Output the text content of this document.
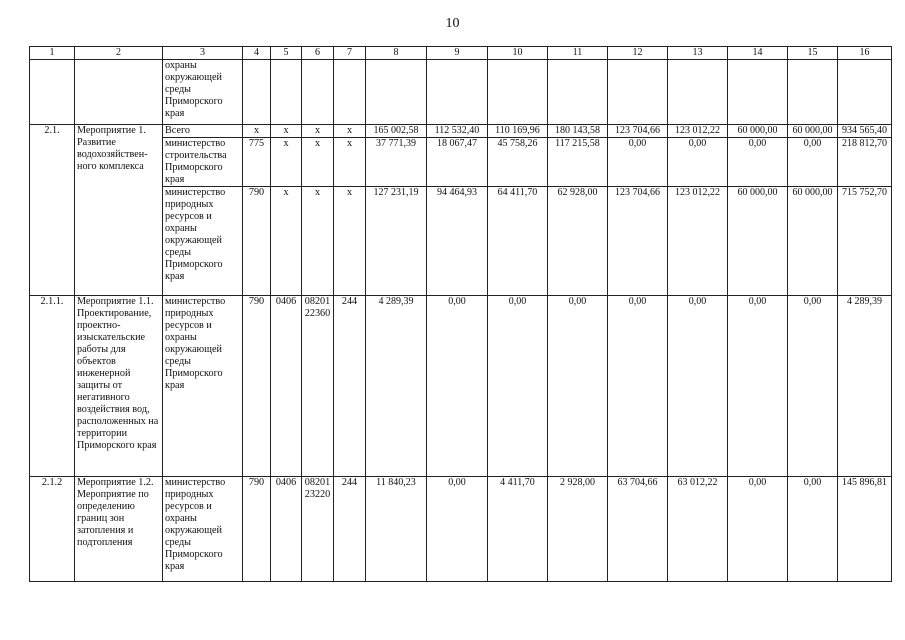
10
1	2	3	4	5	6	7	8	9	10	11	12	13	14	15	16
		охраны окружающей среды Приморского края													
2.1.	Мероприятие 1. Развитие водохозяйствен- ного комплекса	Всего	x	x	x	x	165 002,58	112 532,40	110 169,96	180 143,58	123 704,66	123 012,22	60 000,00	60 000,00	934 565,40
		министерство строительства Приморского края	775	x	x	x	37 771,39	18 067,47	45 758,26	117 215,58	0,00	0,00	0,00	0,00	218 812,70
		министерство природных ресурсов и охраны окружающей среды Приморского края	790	x	x	x	127 231,19	94 464,93	64 411,70	62 928,00	123 704,66	123 012,22	60 000,00	60 000,00	715 752,70
2.1.1.	Мероприятие 1.1. Проектирование, проектно- изыскательские работы для объектов инженерной защиты от негативного воздействия вод, расположенных на территории Приморского края	министерство природных ресурсов и охраны окружающей среды Приморского края	790	0406	08201 22360	244	4 289,39	0,00	0,00	0,00	0,00	0,00	0,00	0,00	4 289,39
2.1.2	Мероприятие 1.2. Мероприятие по определению границ зон затопления и подтопления	министерство природных ресурсов и охраны окружающей среды Приморского края	790	0406	08201 23220	244	11 840,23	0,00	4 411,70	2 928,00	63 704,66	63 012,22	0,00	0,00	145 896,81
